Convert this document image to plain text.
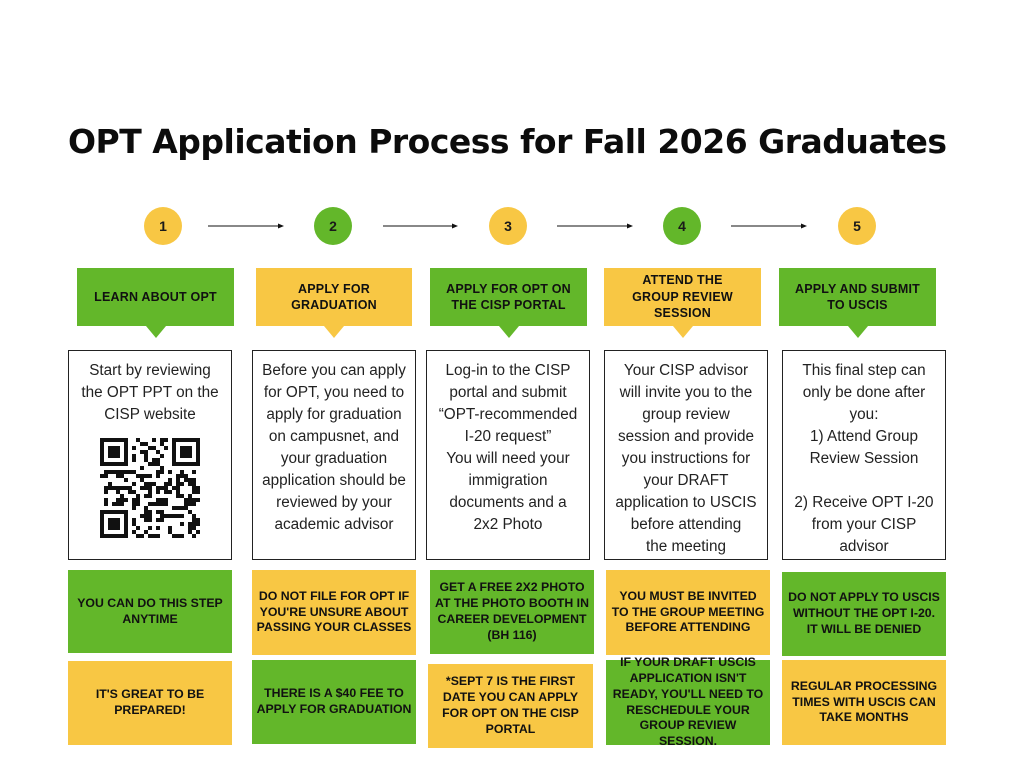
OPT Application Process for Fall 2026 Graduates
1
LEARN ABOUT OPT
Start by reviewing
the OPT PPT on the
CISP website
YOU CAN DO THIS STEP ANYTIME
IT'S GREAT TO BE PREPARED!
2
APPLY FOR GRADUATION
Before you can apply
for OPT, you need to
apply for graduation
on campusnet, and
your graduation
application should be
reviewed by your
academic advisor
DO NOT FILE FOR OPT IF YOU'RE UNSURE ABOUT PASSING YOUR CLASSES
THERE IS A $40 FEE TO APPLY FOR GRADUATION
3
APPLY FOR OPT ON THE CISP PORTAL
Log-in to the CISP
portal and submit
“OPT-recommended
I-20 request”
You will need your
immigration
documents and a
2x2 Photo
GET A FREE 2X2 PHOTO AT THE PHOTO BOOTH IN CAREER DEVELOPMENT (BH 116)
*SEPT 7 IS THE FIRST DATE YOU CAN APPLY FOR OPT ON THE CISP PORTAL
4
ATTEND THE GROUP REVIEW SESSION
Your CISP advisor
will invite you to the
group review
session and provide
you instructions for
your DRAFT
application to USCIS
before attending
the meeting
YOU MUST BE INVITED TO THE GROUP MEETING BEFORE ATTENDING
IF YOUR DRAFT USCIS APPLICATION ISN'T READY, YOU'LL NEED TO RESCHEDULE YOUR GROUP REVIEW SESSION.
5
APPLY AND SUBMIT TO USCIS
This final step can
only be done after
you:
1) Attend Group
Review Session

2) Receive OPT I-20
from your CISP
advisor
DO NOT APPLY TO USCIS WITHOUT THE OPT I-20. IT WILL BE DENIED
REGULAR PROCESSING TIMES WITH USCIS CAN TAKE MONTHS
